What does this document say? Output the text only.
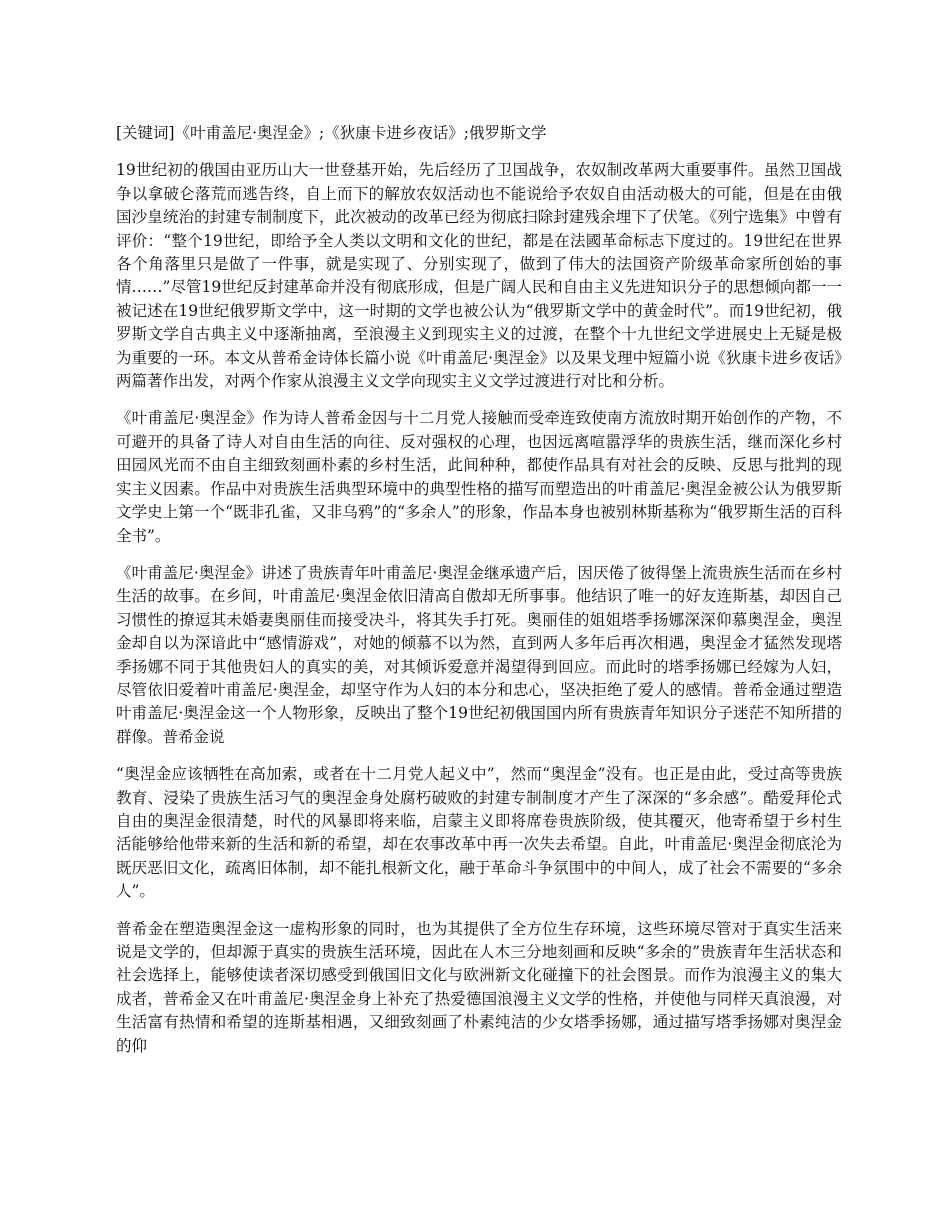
[关键词]《叶甫盖尼·奥涅金》;《狄康卡进乡夜话》;俄罗斯文学

19世纪初的俄国由亚历山大一世登基开始，先后经历了卫国战争，农奴制改革两大重要事件。虽然卫国战争以拿破仑落荒而逃告终，自上而下的解放农奴活动也不能说给予农奴自由活动极大的可能，但是在由俄国沙皇统治的封建专制制度下，此次被动的改革已经为彻底扫除封建残余埋下了伏笔。《列宁选集》中曾有评价：“整个19世纪，即给予全人类以文明和文化的世纪，都是在法國革命标志下度过的。19世纪在世界各个角落里只是做了一件事，就是实现了、分别实现了，做到了伟大的法国资产阶级革命家所创始的事情……”尽管19世纪反封建革命并没有彻底形成，但是广阔人民和自由主义先进知识分子的思想倾向都一一被记述在19世纪俄罗斯文学中，这一时期的文学也被公认为“俄罗斯文学中的黄金时代”。而19世纪初，俄罗斯文学自古典主义中逐渐抽离，至浪漫主义到现实主义的过渡，在整个十九世纪文学进展史上无疑是极为重要的一环。本文从普希金诗体长篇小说《叶甫盖尼·奥涅金》以及果戈理中短篇小说《狄康卡进乡夜话》两篇著作出发，对两个作家从浪漫主义文学向现实主义文学过渡进行对比和分析。

《叶甫盖尼·奥涅金》作为诗人普希金因与十二月党人接触而受牵连致使南方流放时期开始创作的产物，不可避开的具备了诗人对自由生活的向往、反对强权的心理，也因远离喧嚣浮华的贵族生活，继而深化乡村田园风光而不由自主细致刻画朴素的乡村生活，此间种种，都使作品具有对社会的反映、反思与批判的现实主义因素。作品中对贵族生活典型环境中的典型性格的描写而塑造出的叶甫盖尼·奥涅金被公认为俄罗斯文学史上第一个“既非孔雀，又非乌鸦”的“多余人”的形象，作品本身也被别林斯基称为“俄罗斯生活的百科全书”。

《叶甫盖尼·奥涅金》讲述了贵族青年叶甫盖尼·奥涅金继承遗产后，因厌倦了彼得堡上流贵族生活而在乡村生活的故事。在乡间，叶甫盖尼·奥涅金依旧清高自傲却无所事事。他结识了唯一的好友连斯基，却因自己习惯性的撩逗其未婚妻奥丽佳而接受决斗，将其失手打死。奥丽佳的姐姐塔季扬娜深深仰慕奥涅金，奥涅金却自以为深谙此中“感情游戏”，对她的倾慕不以为然，直到两人多年后再次相遇，奥涅金才猛然发现塔季扬娜不同于其他贵妇人的真实的美，对其倾诉爱意并渴望得到回应。而此时的塔季扬娜已经嫁为人妇，尽管依旧爱着叶甫盖尼·奥涅金，却坚守作为人妇的本分和忠心，坚决拒绝了爱人的感情。普希金通过塑造叶甫盖尼·奥涅金这一个人物形象，反映出了整个19世纪初俄国国内所有贵族青年知识分子迷茫不知所措的群像。普希金说

“奥涅金应该牺牲在高加索，或者在十二月党人起义中”，然而“奥涅金”没有。也正是由此，受过高等贵族教育、浸染了贵族生活习气的奥涅金身处腐朽破败的封建专制制度才产生了深深的“多余感”。酷爱拜伦式自由的奥涅金很清楚，时代的风暴即将来临，启蒙主义即将席卷贵族阶级，使其覆灭，他寄希望于乡村生活能够给他带来新的生活和新的希望，却在农事改革中再一次失去希望。自此，叶甫盖尼·奥涅金彻底沦为既厌恶旧文化，疏离旧体制，却不能扎根新文化，融于革命斗争氛围中的中间人，成了社会不需要的“多余人”。

普希金在塑造奥涅金这一虚构形象的同时，也为其提供了全方位生存环境，这些环境尽管对于真实生活来说是文学的，但却源于真实的贵族生活环境，因此在人木三分地刻画和反映“多余的”贵族青年生活状态和社会选择上，能够使读者深切感受到俄国旧文化与欧洲新文化碰撞下的社会图景。而作为浪漫主义的集大成者，普希金又在叶甫盖尼·奥涅金身上补充了热爱德国浪漫主义文学的性格，并使他与同样天真浪漫，对生活富有热情和希望的连斯基相遇，又细致刻画了朴素纯洁的少女塔季扬娜，通过描写塔季扬娜对奥涅金的仰
